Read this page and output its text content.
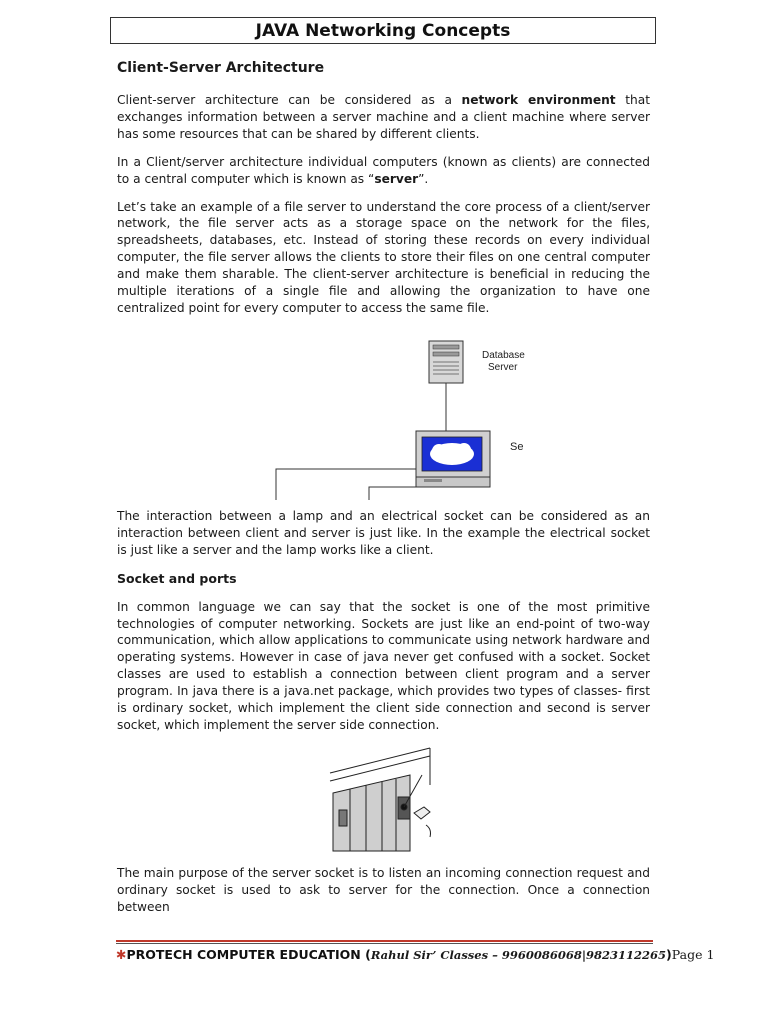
JAVA Networking Concepts
Client-Server Architecture

Client-server architecture can be considered as a network environment that exchanges information between a server machine and a client machine where server has some resources that can be shared by different clients.

In a Client/server architecture individual computers (known as clients) are connected to a central computer which is known as “server”.

Let’s take an example of a file server to understand the core process of a client/server network, the file server acts as a storage space on the network for the files, spreadsheets, databases, etc. Instead of storing these records on every individual computer, the file server allows the clients to store their files on one central computer and make them sharable. The client-server architecture is beneficial in reducing the multiple iterations of a single file and allowing the organization to have one centralized point for every computer to access the same file.

Database
Server
Se

The interaction between a lamp and an electrical socket can be considered as an interaction between client and server is just like. In the example the electrical socket is just like a server and the lamp works like a client.

Socket and ports

In common language we can say that the socket is one of the most primitive technologies of computer networking. Sockets are just like an end-point of two-way communication, which allow applications to communicate using network hardware and operating systems. However in case of java never get confused with a socket. Socket classes are used to establish a connection between client program and a server program. In java there is a java.net package, which provides two types of classes- first is ordinary socket, which implement the client side connection and second is server socket, which implement the server side connection.

The main purpose of the server socket is to listen an incoming connection request and ordinary socket is used to ask to server for the connection. Once a connection between

✱PROTECH COMPUTER EDUCATION (Rahul Sir’ Classes – 9960086068|9823112265)Page 1
